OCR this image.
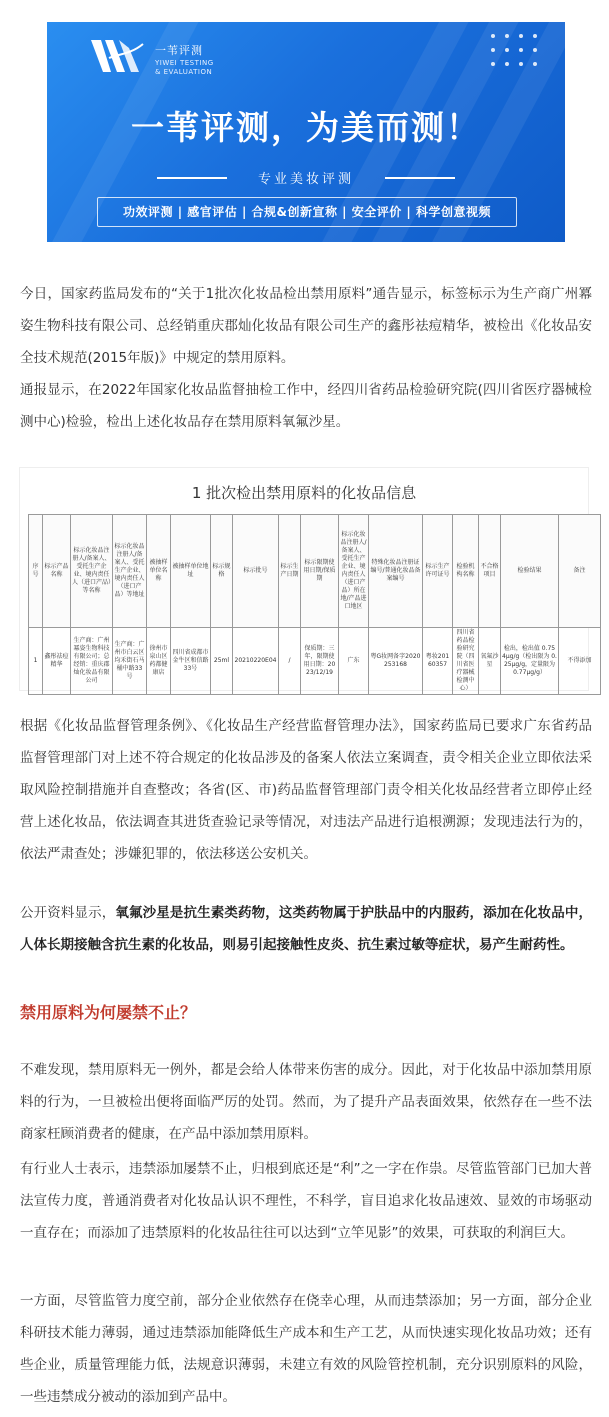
一苇评测
YIWEI TESTING
& EVALUATION
一苇评测，为美而测！
专业美妆评测
功效评测 | 感官评估 | 合规&创新宣称 | 安全评价 | 科学创意视频

今日，国家药监局发布的“关于1批次化妆品检出禁用原料”通告显示，标签标示为生产商广州冪姿生物科技有限公司、总经销重庆郡灿化妆品有限公司生产的鑫彤祛痘精华，被检出《化妆品安全技术规范(2015年版)》中规定的禁用原料。

通报显示，在2022年国家化妆品监督抽检工作中，经四川省药品检验研究院(四川省医疗器械检测中心)检验，检出上述化妆品存在禁用原料氧氟沙星。

1 批次检出禁用原料的化妆品信息
序号	标示产品名称	标示化妆品注册人/备案人、受托生产企业、境内责任人（进口产品）等名称	标示化妆品注册人/备案人、受托生产企业、境内责任人（进口产品）等地址	被抽样单位名称	被抽样单位地址	标示规格	标示批号	标示生产日期	标示限期使用日期/保质期	标示化妆品注册人/备案人、受托生产企业、境内责任人（进口产品）所在地/产品进口地区	特殊化妆品注册证编号/普通化妆品备案编号	标示生产许可证号	检验机构名称	不合格项目	检验结果	备注
1	鑫彤祛痘精华	生产商：广州冪姿生物科技有限公司；总经销：重庆郡灿化妆品有限公司	生产商：广州市白云区均禾街石马桶中路33号	徐州市泉山区药都健康店	四川省成都市金牛区和信路33号	25ml	20210220E04	/	保质期：三年，限期使用日期：2023/12/19	广东	粤G妆网备字2020253168	粤妆20160357	四川省药品检验研究院（四川省医疗器械检测中心）	氧氟沙星	检出，检出值 0.754μg/g（检出限为 0.25μg/g，定量限为0.77μg/g）	不得添加

根据《化妆品监督管理条例》、《化妆品生产经营监督管理办法》，国家药监局已要求广东省药品监督管理部门对上述不符合规定的化妆品涉及的备案人依法立案调查，责令相关企业立即依法采取风险控制措施并自查整改；各省(区、市)药品监督管理部门责令相关化妆品经营者立即停止经营上述化妆品，依法调查其进货查验记录等情况，对违法产品进行追根溯源；发现违法行为的，依法严肃查处；涉嫌犯罪的，依法移送公安机关。

公开资料显示，氧氟沙星是抗生素类药物，这类药物属于护肤品中的内服药，添加在化妆品中，人体长期接触含抗生素的化妆品，则易引起接触性皮炎、抗生素过敏等症状，易产生耐药性。

禁用原料为何屡禁不止？

不难发现，禁用原料无一例外，都是会给人体带来伤害的成分。因此，对于化妆品中添加禁用原料的行为，一旦被检出便将面临严厉的处罚。然而，为了提升产品表面效果，依然存在一些不法商家枉顾消费者的健康，在产品中添加禁用原料。

有行业人士表示，违禁添加屡禁不止，归根到底还是“利”之一字在作祟。尽管监管部门已加大普法宣传力度，普通消费者对化妆品认识不理性，不科学，盲目追求化妆品速效、显效的市场驱动一直存在；而添加了违禁原料的化妆品往往可以达到“立竿见影”的效果，可获取的利润巨大。

一方面，尽管监管力度空前，部分企业依然存在侥幸心理，从而违禁添加；另一方面，部分企业科研技术能力薄弱，通过违禁添加能降低生产成本和生产工艺，从而快速实现化妆品功效；还有些企业，质量管理能力低，法规意识薄弱，未建立有效的风险管控机制，充分识别原料的风险，一些违禁成分被动的添加到产品中。
